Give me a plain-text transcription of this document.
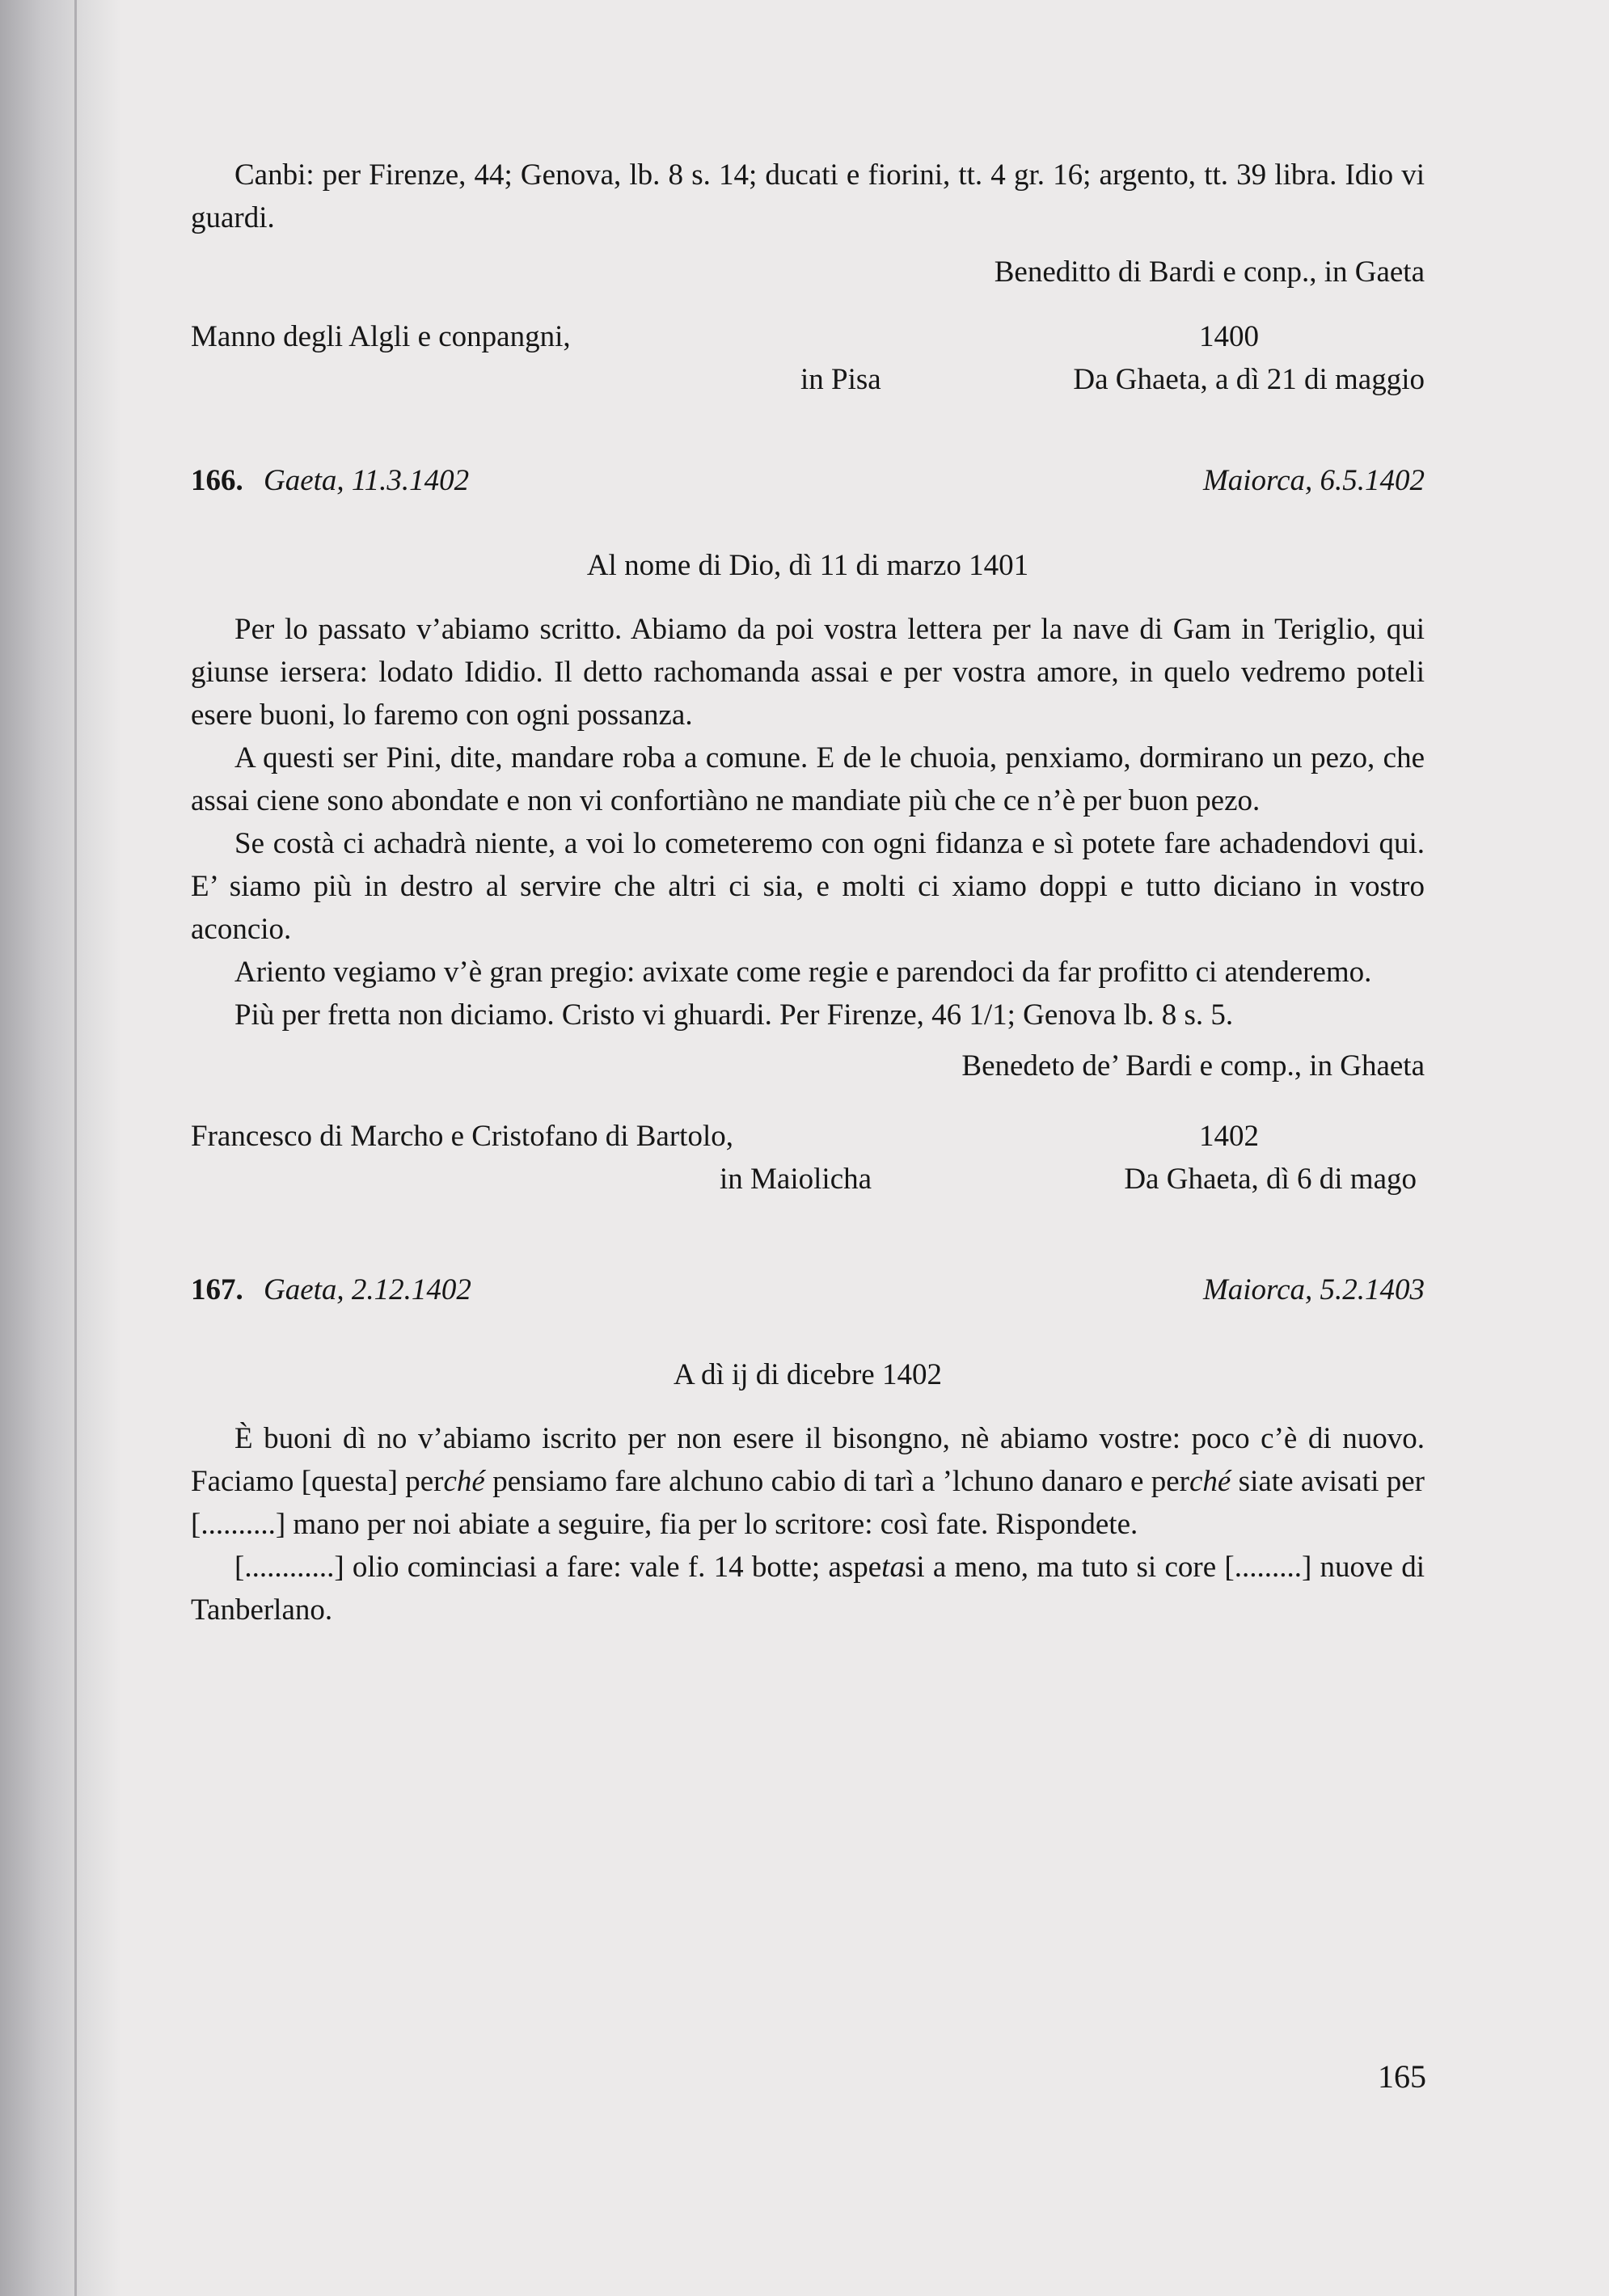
Canbi: per Firenze, 44; Genova, lb. 8 s. 14; ducati e fiorini, tt. 4 gr. 16; argento, tt. 39 libra. Idio vi guardi.

Beneditto di Bardi e conp., in Gaeta
Manno degli Algli e conpangni,	1400
in Pisa	Da Ghaeta, a dì 21 di maggio
166. Gaeta, 11.3.1402	Maiorca, 6.5.1402
Al nome di Dio, dì 11 di marzo 1401

Per lo passato v’abiamo scritto. Abiamo da poi vostra lettera per la nave di Gam in Teriglio, qui giunse iersera: lodato Ididio. Il detto rachomanda assai e per vostra amore, in quelo vedremo poteli esere buoni, lo faremo con ogni possanza.

A questi ser Pini, dite, mandare roba a comune. E de le chuoia, penxiamo, dormirano un pezo, che assai ciene sono abondate e non vi confortiàno ne mandiate più che ce n’è per buon pezo.

Se costà ci achadrà niente, a voi lo cometeremo con ogni fidanza e sì potete fare achadendovi qui. E’ siamo più in destro al servire che altri ci sia, e molti ci xiamo doppi e tutto diciano in vostro aconcio.

Ariento vegiamo v’è gran pregio: avixate come regie e parendoci da far profitto ci atenderemo.

Più per fretta non diciamo. Cristo vi ghuardi. Per Firenze, 46 1/1; Genova lb. 8 s. 5.

Benedeto de’ Bardi e comp., in Ghaeta
Francesco di Marcho e Cristofano di Bartolo,	1402
in Maiolicha	Da Ghaeta, dì 6 di mago
167. Gaeta, 2.12.1402	Maiorca, 5.2.1403
A dì ij di dicebre 1402

È buoni dì no v’abiamo iscrito per non esere il bisongno, nè abiamo vostre: poco c’è di nuovo. Faciamo [questa] perché pensiamo fare alchuno cabio di tarì a ’lchuno danaro e perché siate avisati per [..........] mano per noi abiate a seguire, fia per lo scritore: così fate. Rispondete.

[............] olio cominciasi a fare: vale f. 14 botte; aspetasi a meno, ma tuto si core [.........] nuove di Tanberlano.

165
